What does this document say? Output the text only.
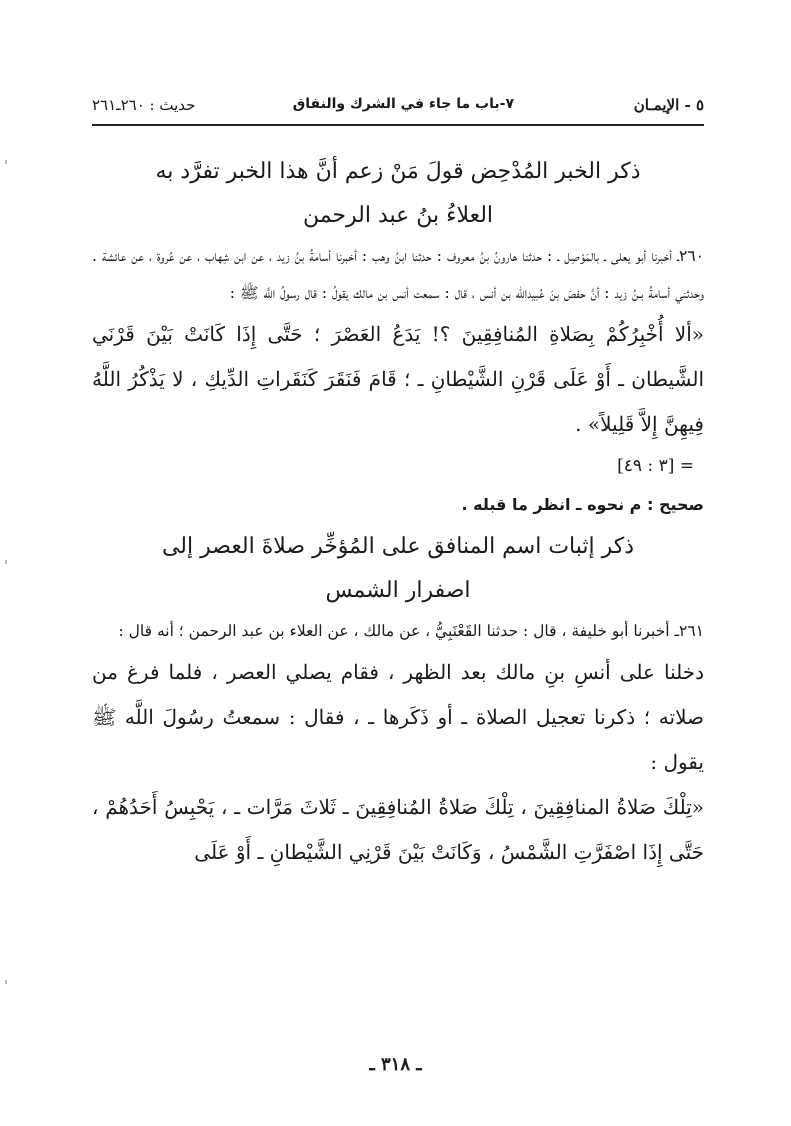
٥ - الإيمـان
٧-باب ما جاء في الشرك والنفاق
حديث : ٢٦٠ـ٢٦١
ذكر الخبر المُدْحِض قولَ مَنْ زعم أنَّ هذا الخبر تفرَّد به
العلاءُ بنُ عبد الرحمن

٢٦٠ـ أخبرنا أبو يعلى ـ بالمَوْصِل ـ : حدثنا هارونُ بنُ معروف : حدثنا ابنُ وهب : أخبرنا أسامةُ بنُ زيد ، عن ابن شِهاب ، عن عُروة ، عن عائشة . وحدثني أسامةُ بـنُ زيد : أنَّ حفصَ بنَ عُبيدالله بن أنس ، قال : سمعت أنس بن مالك يقولُ : قال رسولُ اللَّه ﷺ :

«ألا أُخْبِرُكُمْ بِصَلاةِ المُنافِقِينَ ؟! يَدَعُ العَصْرَ ؛ حَتَّى إِذَا كَانَتْ بَيْنَ قَرْنَي الشَّيطان ـ أَوْ عَلَى قَرْنِ الشَّيْطانِ ـ ؛ قَامَ فَنَقَرَ كَنَقَراتِ الدِّيكِ ، لا يَذْكُرُ اللَّهُ فِيهِنَّ إِلاَّ قَلِيلاً» .

= [٣ : ٤٩]

صحيح : م نحوه ـ انظر ما قبله .

ذكر إثبات اسم المنافق على المُؤخِّر صلاةَ العصر إلى
اصفرار الشمس

٢٦١ـ أخبرنا أبو خليفة ، قال : حدثنا القَعْنَبِيُّ ، عن مالك ، عن العلاء بن عبد الرحمن ؛ أنه قال :

دخلنا على أنسِ بنِ مالك بعد الظهر ، فقام يصلي العصر ، فلما فرغ من صلاته ؛ ذكرنا تعجيل الصلاة ـ أو ذَكَرها ـ ، فقال : سمعتُ رسُولَ اللَّه ﷺ يقول :

«تِلْكَ صَلاةُ المنافِقِينَ ، تِلْكَ صَلاةُ المُنافِقِينَ ـ ثَلاثَ مَرَّات ـ ، يَحْبِسُ أَحَدُهُمْ ، حَتَّى إِذَا اصْفَرَّتِ الشَّمْسُ ، وَكَانَتْ بَيْنَ قَرْنِي الشَّيْطانِ ـ أَوْ عَلَى

ـ ٣١٨ ـ
